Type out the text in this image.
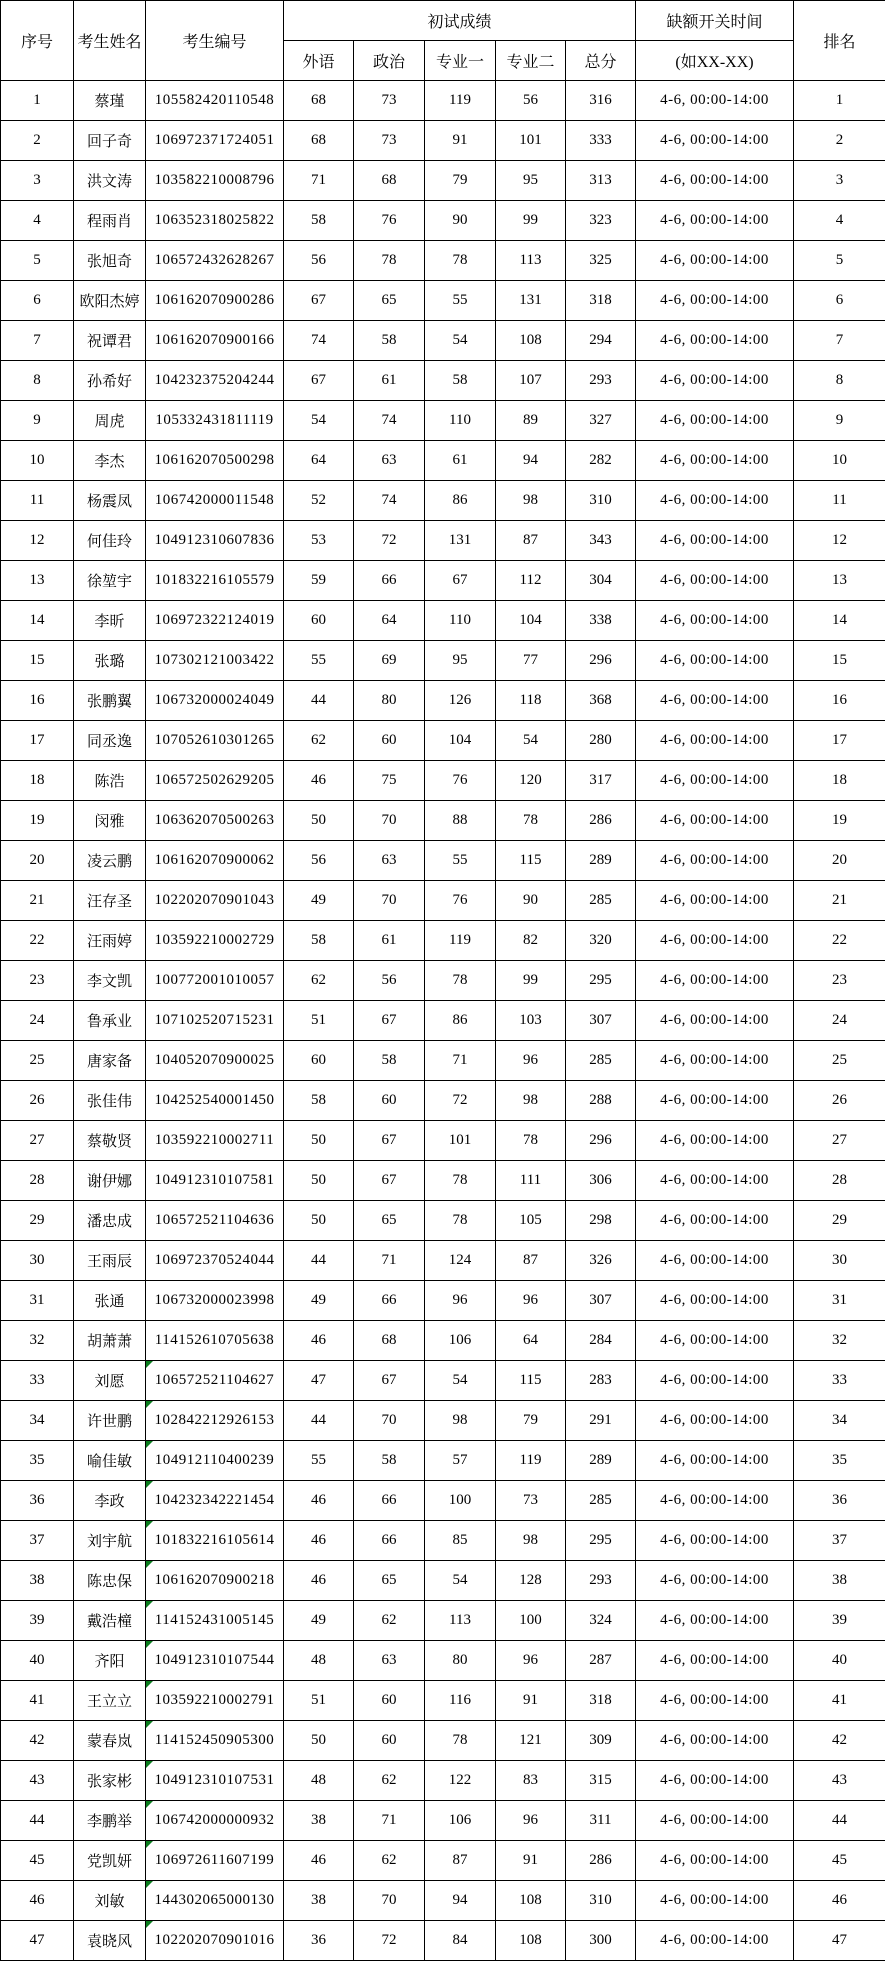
序号	考生姓名	考生编号	初试成绩					缺额开关时间	排名
			外语	政治	专业一	专业二	总分	(如XX-XX)	
1	蔡瑾	105582420110548	68	73	119	56	316	4-6, 00:00-14:00	1
2	回子奇	106972371724051	68	73	91	101	333	4-6, 00:00-14:00	2
3	洪文涛	103582210008796	71	68	79	95	313	4-6, 00:00-14:00	3
4	程雨肖	106352318025822	58	76	90	99	323	4-6, 00:00-14:00	4
5	张旭奇	106572432628267	56	78	78	113	325	4-6, 00:00-14:00	5
6	欧阳杰婷	106162070900286	67	65	55	131	318	4-6, 00:00-14:00	6
7	祝谭君	106162070900166	74	58	54	108	294	4-6, 00:00-14:00	7
8	孙希好	104232375204244	67	61	58	107	293	4-6, 00:00-14:00	8
9	周虎	105332431811119	54	74	110	89	327	4-6, 00:00-14:00	9
10	李杰	106162070500298	64	63	61	94	282	4-6, 00:00-14:00	10
11	杨震凤	106742000011548	52	74	86	98	310	4-6, 00:00-14:00	11
12	何佳玲	104912310607836	53	72	131	87	343	4-6, 00:00-14:00	12
13	徐堃宇	101832216105579	59	66	67	112	304	4-6, 00:00-14:00	13
14	李昕	106972322124019	60	64	110	104	338	4-6, 00:00-14:00	14
15	张璐	107302121003422	55	69	95	77	296	4-6, 00:00-14:00	15
16	张鹏翼	106732000024049	44	80	126	118	368	4-6, 00:00-14:00	16
17	同丞逸	107052610301265	62	60	104	54	280	4-6, 00:00-14:00	17
18	陈浩	106572502629205	46	75	76	120	317	4-6, 00:00-14:00	18
19	闵雅	106362070500263	50	70	88	78	286	4-6, 00:00-14:00	19
20	凌云鹏	106162070900062	56	63	55	115	289	4-6, 00:00-14:00	20
21	汪存圣	102202070901043	49	70	76	90	285	4-6, 00:00-14:00	21
22	汪雨婷	103592210002729	58	61	119	82	320	4-6, 00:00-14:00	22
23	李文凯	100772001010057	62	56	78	99	295	4-6, 00:00-14:00	23
24	鲁承业	107102520715231	51	67	86	103	307	4-6, 00:00-14:00	24
25	唐家备	104052070900025	60	58	71	96	285	4-6, 00:00-14:00	25
26	张佳伟	104252540001450	58	60	72	98	288	4-6, 00:00-14:00	26
27	蔡敬贤	103592210002711	50	67	101	78	296	4-6, 00:00-14:00	27
28	谢伊娜	104912310107581	50	67	78	111	306	4-6, 00:00-14:00	28
29	潘忠成	106572521104636	50	65	78	105	298	4-6, 00:00-14:00	29
30	王雨辰	106972370524044	44	71	124	87	326	4-6, 00:00-14:00	30
31	张通	106732000023998	49	66	96	96	307	4-6, 00:00-14:00	31
32	胡萧萧	114152610705638	46	68	106	64	284	4-6, 00:00-14:00	32
33	刘愿	106572521104627	47	67	54	115	283	4-6, 00:00-14:00	33
34	许世鹏	102842212926153	44	70	98	79	291	4-6, 00:00-14:00	34
35	喻佳敏	104912110400239	55	58	57	119	289	4-6, 00:00-14:00	35
36	李政	104232342221454	46	66	100	73	285	4-6, 00:00-14:00	36
37	刘宇航	101832216105614	46	66	85	98	295	4-6, 00:00-14:00	37
38	陈忠保	106162070900218	46	65	54	128	293	4-6, 00:00-14:00	38
39	戴浩橦	114152431005145	49	62	113	100	324	4-6, 00:00-14:00	39
40	齐阳	104912310107544	48	63	80	96	287	4-6, 00:00-14:00	40
41	王立立	103592210002791	51	60	116	91	318	4-6, 00:00-14:00	41
42	蒙春岚	114152450905300	50	60	78	121	309	4-6, 00:00-14:00	42
43	张家彬	104912310107531	48	62	122	83	315	4-6, 00:00-14:00	43
44	李鹏举	106742000000932	38	71	106	96	311	4-6, 00:00-14:00	44
45	党凯妍	106972611607199	46	62	87	91	286	4-6, 00:00-14:00	45
46	刘敏	144302065000130	38	70	94	108	310	4-6, 00:00-14:00	46
47	袁晓风	102202070901016	36	72	84	108	300	4-6, 00:00-14:00	47
